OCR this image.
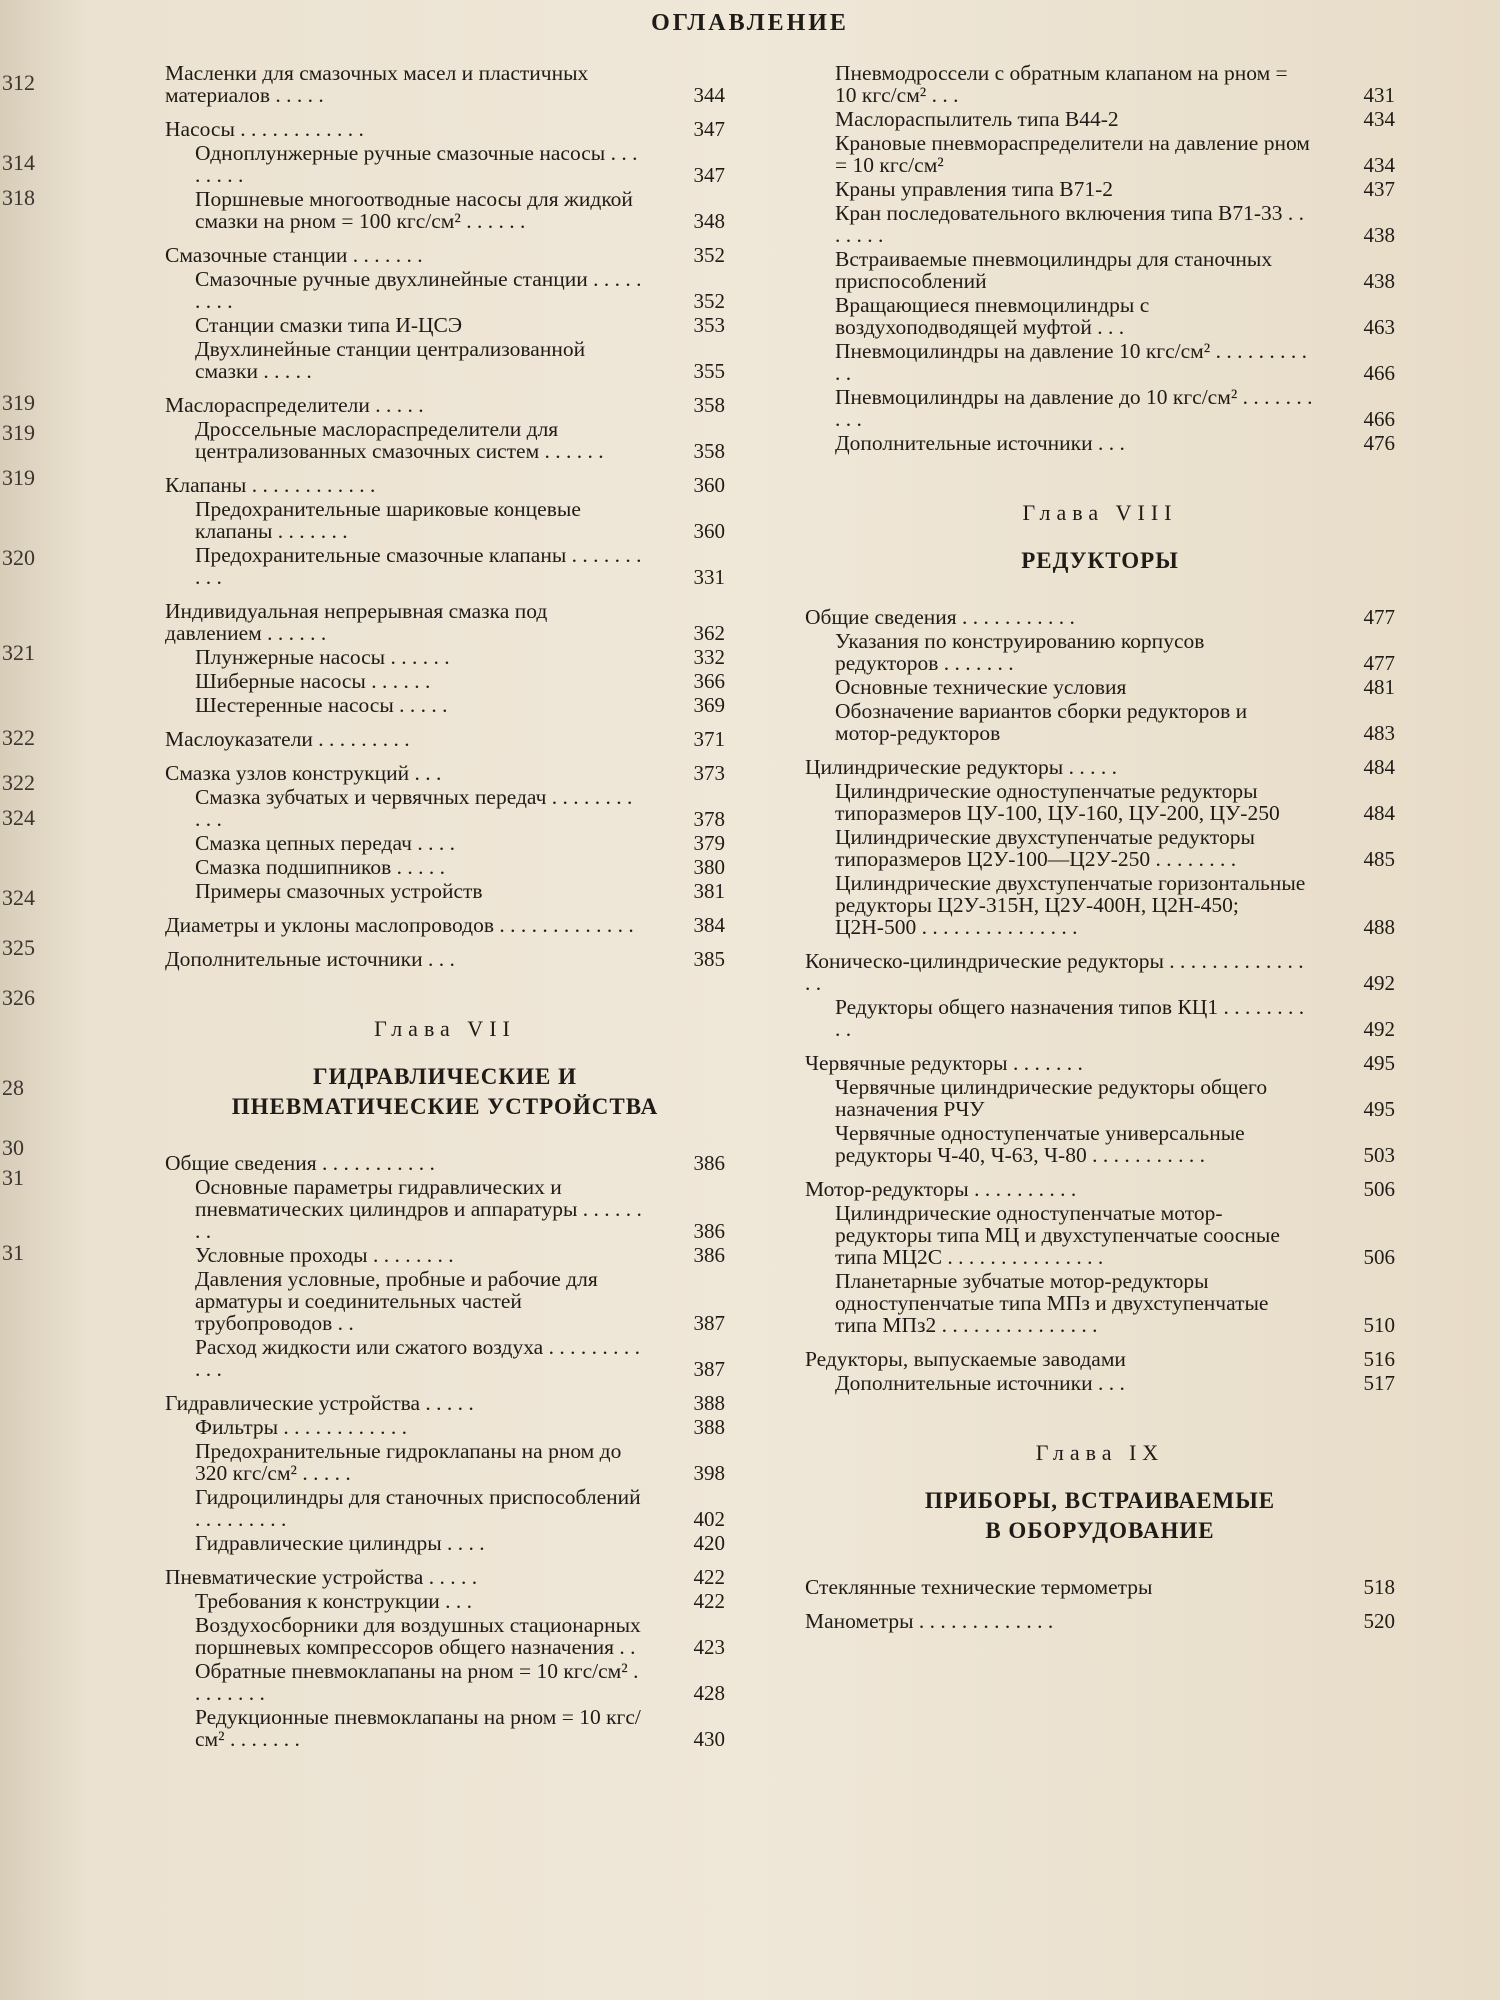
ОГЛАВЛЕНИЕ
312
314
318
319
319
319
320
321
322
322
324
324
325
326
28
30
31
31
Масленки для смазочных масел и пластичных материалов . . . . .	344
Насосы . . . . . . . . . . . .	347
Одноплунжерные ручные смазочные насосы . . . . . . . .	347
Поршневые многоотводные насосы для жидкой смазки на pном = 100 кгс/см² . . . . . .	348
Смазочные станции . . . . . . .	352
Смазочные ручные двухлинейные станции . . . . . . . . .	352
Станции смазки типа И-ЦСЭ	353
Двухлинейные станции централизованной смазки . . . . .	355
Маслораспределители . . . . .	358
Дроссельные маслораспределители для централизованных смазочных систем . . . . . .	358
Клапаны . . . . . . . . . . . .	360
Предохранительные шариковые концевые клапаны . . . . . . .	360
Предохранительные смазочные клапаны . . . . . . . . . .	331
Индивидуальная непрерывная смазка под давлением . . . . . .	362
Плунжерные насосы . . . . . .	332
Шиберные насосы . . . . . .	366
Шестеренные насосы . . . . .	369
Маслоуказатели . . . . . . . . .	371
Смазка узлов конструкций . . .	373
Смазка зубчатых и червячных передач . . . . . . . . . . .	378
Смазка цепных передач . . . .	379
Смазка подшипников . . . . .	380
Примеры смазочных устройств	381
Диаметры и уклоны маслопроводов . . . . . . . . . . . . .	384
Дополнительные источники . . .	385
Глава VII
ГИДРАВЛИЧЕСКИЕ И
ПНЕВМАТИЧЕСКИЕ УСТРОЙСТВА
Общие сведения . . . . . . . . . . .	386
Основные параметры гидравлических и пневматических цилиндров и аппаратуры . . . . . . . .	386
Условные проходы . . . . . . . .	386
Давления условные, пробные и рабочие для арматуры и соединительных частей трубопроводов . .	387
Расход жидкости или сжатого воздуха . . . . . . . . . . . .	387
Гидравлические устройства . . . . .	388
Фильтры . . . . . . . . . . . .	388
Предохранительные гидроклапаны на pном до 320 кгс/см² . . . . .	398
Гидроцилиндры для станочных приспособлений . . . . . . . . .	402
Гидравлические цилиндры . . . .	420
Пневматические устройства . . . . .	422
Требования к конструкции . . .	422
Воздухосборники для воздушных стационарных поршневых компрессоров общего назначения . .	423
Обратные пневмоклапаны на pном = 10 кгс/см² . . . . . . . .	428
Редукционные пневмоклапаны на pном = 10 кгс/см² . . . . . . .	430
Пневмодроссели с обратным клапаном на pном = 10 кгс/см² . . .	431
Маслораспылитель типа В44-2	434
Крановые пневмораспределители на давление pном = 10 кгс/см²	434
Краны управления типа В71-2	437
Кран последовательного включения типа В71-33 . . . . . . .	438
Встраиваемые пневмоцилиндры для станочных приспособлений	438
Вращающиеся пневмоцилиндры с воздухоподводящей муфтой . . .	463
Пневмоцилиндры на давление 10 кгс/см² . . . . . . . . . . .	466
Пневмоцилиндры на давление до 10 кгс/см² . . . . . . . . . .	466
Дополнительные источники . . .	476
Глава VIII
РЕДУКТОРЫ
Общие сведения . . . . . . . . . . .	477
Указания по конструированию корпусов редукторов . . . . . . .	477
Основные технические условия	481
Обозначение вариантов сборки редукторов и мотор-редукторов	483
Цилиндрические редукторы . . . . .	484
Цилиндрические одноступенчатые редукторы типоразмеров ЦУ-100, ЦУ-160, ЦУ-200, ЦУ-250	484
Цилиндрические двухступенчатые редукторы типоразмеров Ц2У-100—Ц2У-250 . . . . . . . .	485
Цилиндрические двухступенчатые горизонтальные редукторы Ц2У-315Н, Ц2У-400Н, Ц2Н-450; Ц2Н-500 . . . . . . . . . . . . . . .	488
Коническо-цилиндрические редукторы . . . . . . . . . . . . . . .	492
Редукторы общего назначения типов КЦ1 . . . . . . . . . .	492
Червячные редукторы . . . . . . .	495
Червячные цилиндрические редукторы общего назначения РЧУ	495
Червячные одноступенчатые универсальные редукторы Ч-40, Ч-63, Ч-80 . . . . . . . . . . .	503
Мотор-редукторы . . . . . . . . . .	506
Цилиндрические одноступенчатые мотор-редукторы типа МЦ и двухступенчатые соосные типа МЦ2С . . . . . . . . . . . . . . .	506
Планетарные зубчатые мотор-редукторы одноступенчатые типа МПз и двухступенчатые типа МПз2 . . . . . . . . . . . . . . .	510
Редукторы, выпускаемые заводами	516
Дополнительные источники . . .	517
Глава IX
ПРИБОРЫ, ВСТРАИВАЕМЫЕ
В ОБОРУДОВАНИЕ
Стеклянные технические термометры	518
Манометры . . . . . . . . . . . . .	520
